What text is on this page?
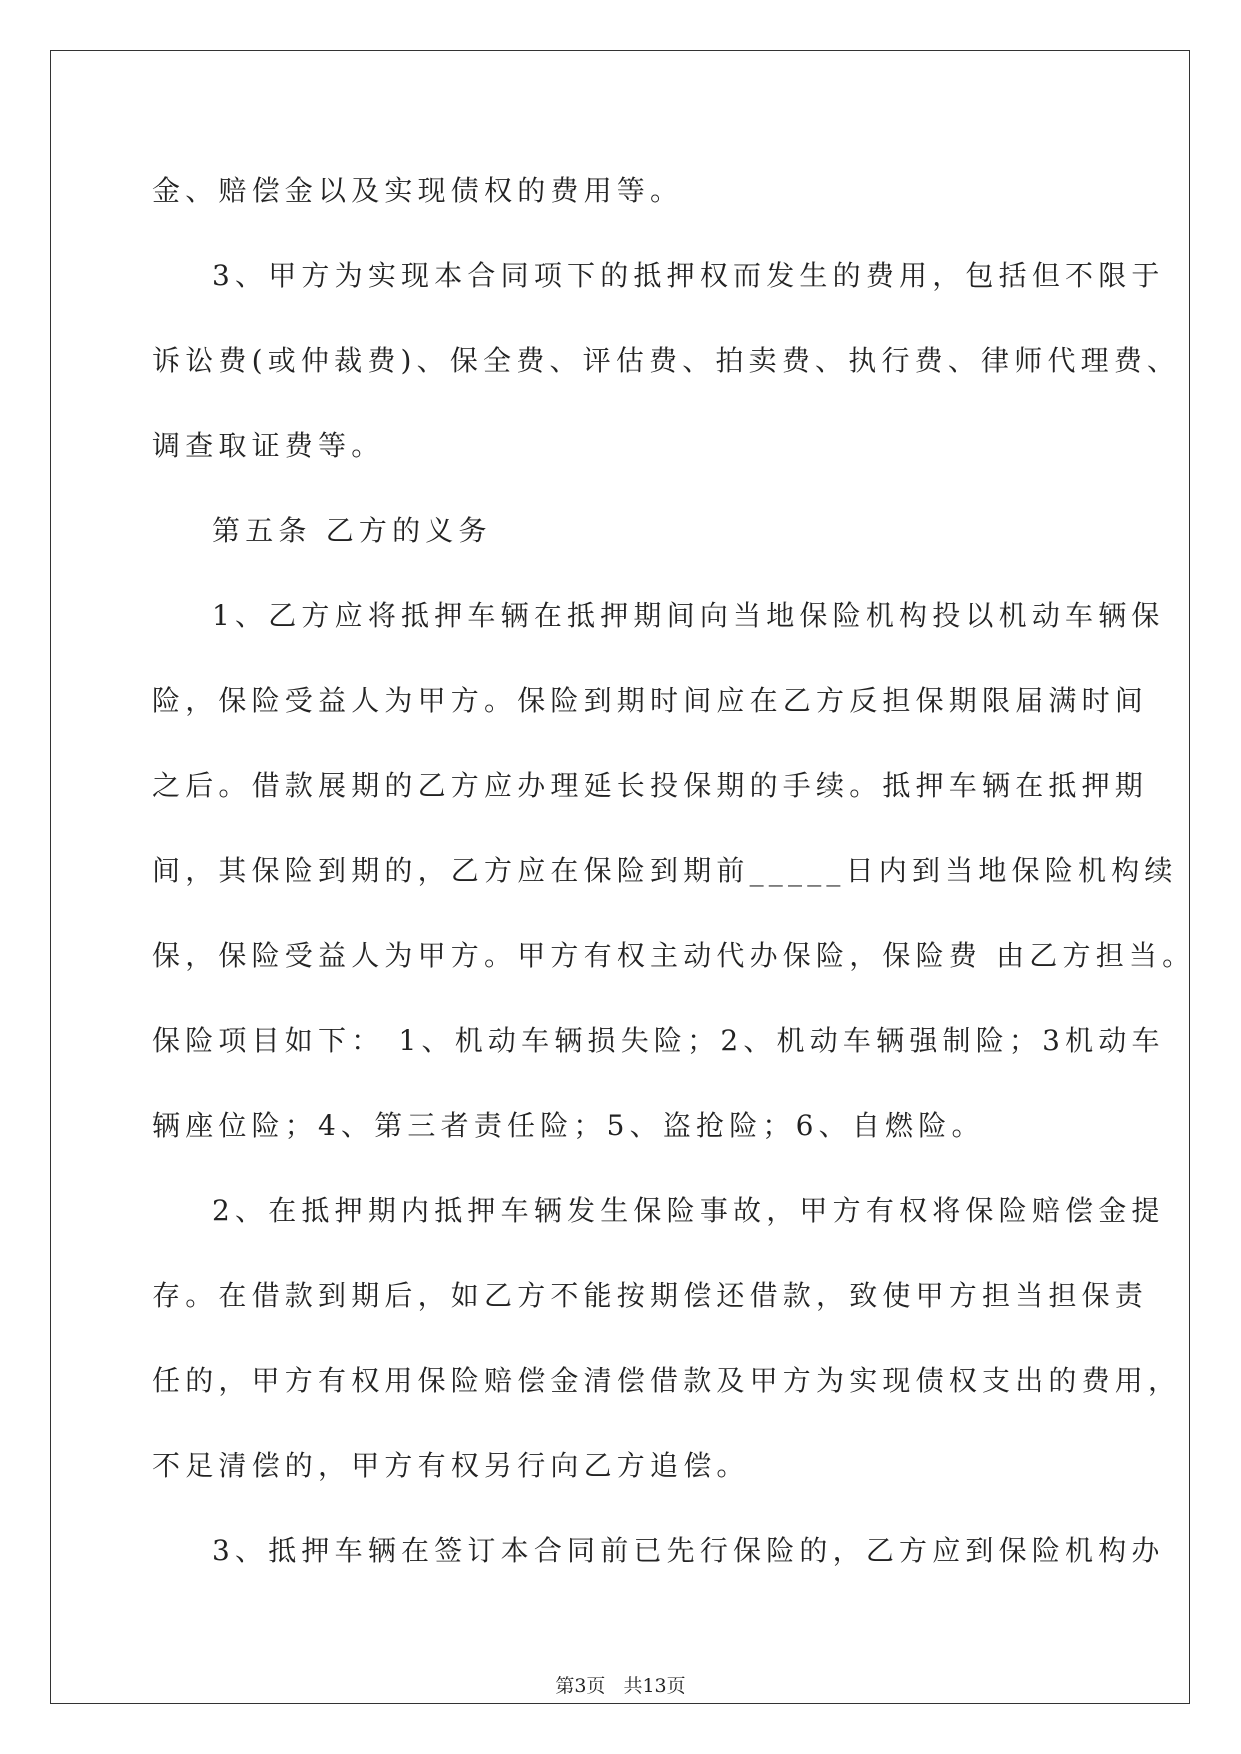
金、赔偿金以及实现债权的费用等。

3、甲方为实现本合同项下的抵押权而发生的费用，包括但不限于

诉讼费(或仲裁费)、保全费、评估费、拍卖费、执行费、律师代理费、

调查取证费等。

第五条 乙方的义务

1、乙方应将抵押车辆在抵押期间向当地保险机构投以机动车辆保

险，保险受益人为甲方。保险到期时间应在乙方反担保期限届满时间

之后。借款展期的乙方应办理延长投保期的手续。抵押车辆在抵押期

间，其保险到期的，乙方应在保险到期前_____日内到当地保险机构续

保，保险受益人为甲方。甲方有权主动代办保险，保险费 由乙方担当。

保险项目如下： 1、机动车辆损失险；2、机动车辆强制险；3机动车

辆座位险；4、第三者责任险；5、盗抢险；6、自燃险。

2、在抵押期内抵押车辆发生保险事故，甲方有权将保险赔偿金提

存。在借款到期后，如乙方不能按期偿还借款，致使甲方担当担保责

任的，甲方有权用保险赔偿金清偿借款及甲方为实现债权支出的费用，

不足清偿的，甲方有权另行向乙方追偿。

3、抵押车辆在签订本合同前已先行保险的，乙方应到保险机构办

第3页 共13页
